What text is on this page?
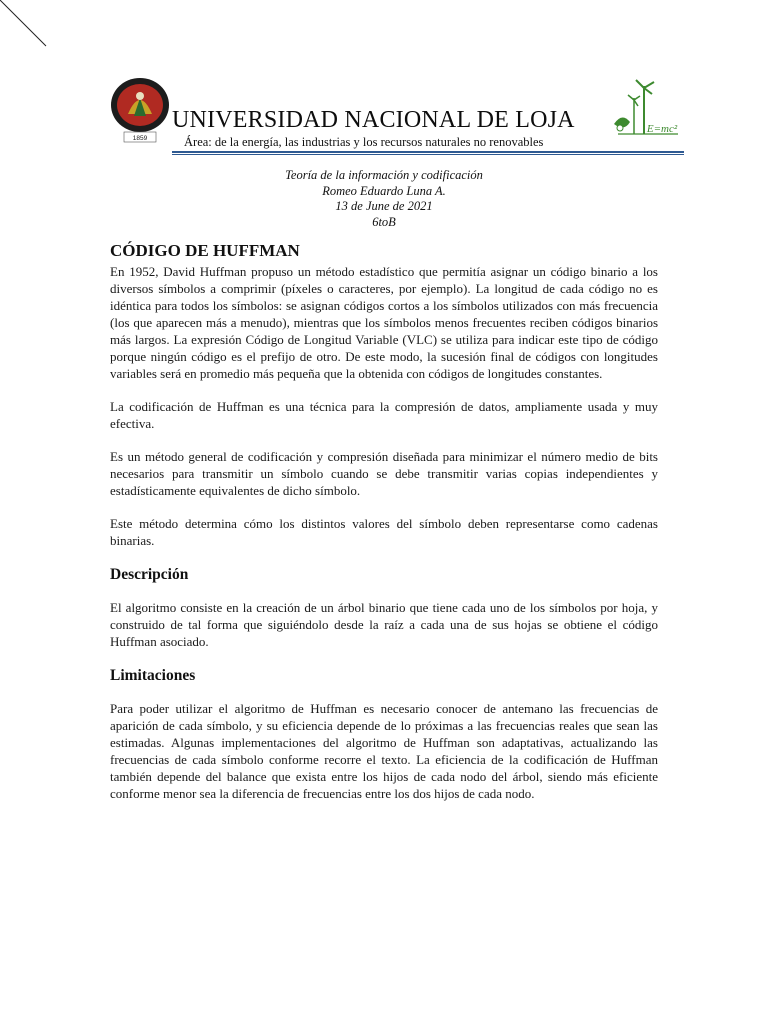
1859
UNIVERSIDAD NACIONAL DE LOJA
Área: de la energía, las industrias y los recursos naturales no renovables
E=mc²
Teoría de la información y codificación
Romeo Eduardo Luna A.
13 de June de 2021
6toB
CÓDIGO DE HUFFMAN

En 1952, David Huffman propuso un método estadístico que permitía asignar un código binario a los diversos símbolos a comprimir (píxeles o caracteres, por ejemplo). La longitud de cada código no es idéntica para todos los símbolos: se asignan códigos cortos a los símbolos utilizados con más frecuencia (los que aparecen más a menudo), mientras que los símbolos menos frecuentes reciben códigos binarios más largos. La expresión Código de Longitud Variable (VLC) se utiliza para indicar este tipo de código porque ningún código es el prefijo de otro. De este modo, la sucesión final de códigos con longitudes variables será en promedio más pequeña que la obtenida con códigos de longitudes constantes.

La codificación de Huffman es una técnica para la compresión de datos, ampliamente usada y muy efectiva.

Es un método general de codificación y compresión diseñada para minimizar el número medio de bits necesarios para transmitir un símbolo cuando se debe transmitir varias copias independientes y estadísticamente equivalentes de dicho símbolo.

Este método determina cómo los distintos valores del símbolo deben representarse como cadenas binarias.

Descripción

El algoritmo consiste en la creación de un árbol binario que tiene cada uno de los símbolos por hoja, y construido de tal forma que siguiéndolo desde la raíz a cada una de sus hojas se obtiene el código Huffman asociado.

Limitaciones

Para poder utilizar el algoritmo de Huffman es necesario conocer de antemano las frecuencias de aparición de cada símbolo, y su eficiencia depende de lo próximas a las frecuencias reales que sean las estimadas. Algunas implementaciones del algoritmo de Huffman son adaptativas, actualizando las frecuencias de cada símbolo conforme recorre el texto. La eficiencia de la codificación de Huffman también depende del balance que exista entre los hijos de cada nodo del árbol, siendo más eficiente conforme menor sea la diferencia de frecuencias entre los dos hijos de cada nodo.
